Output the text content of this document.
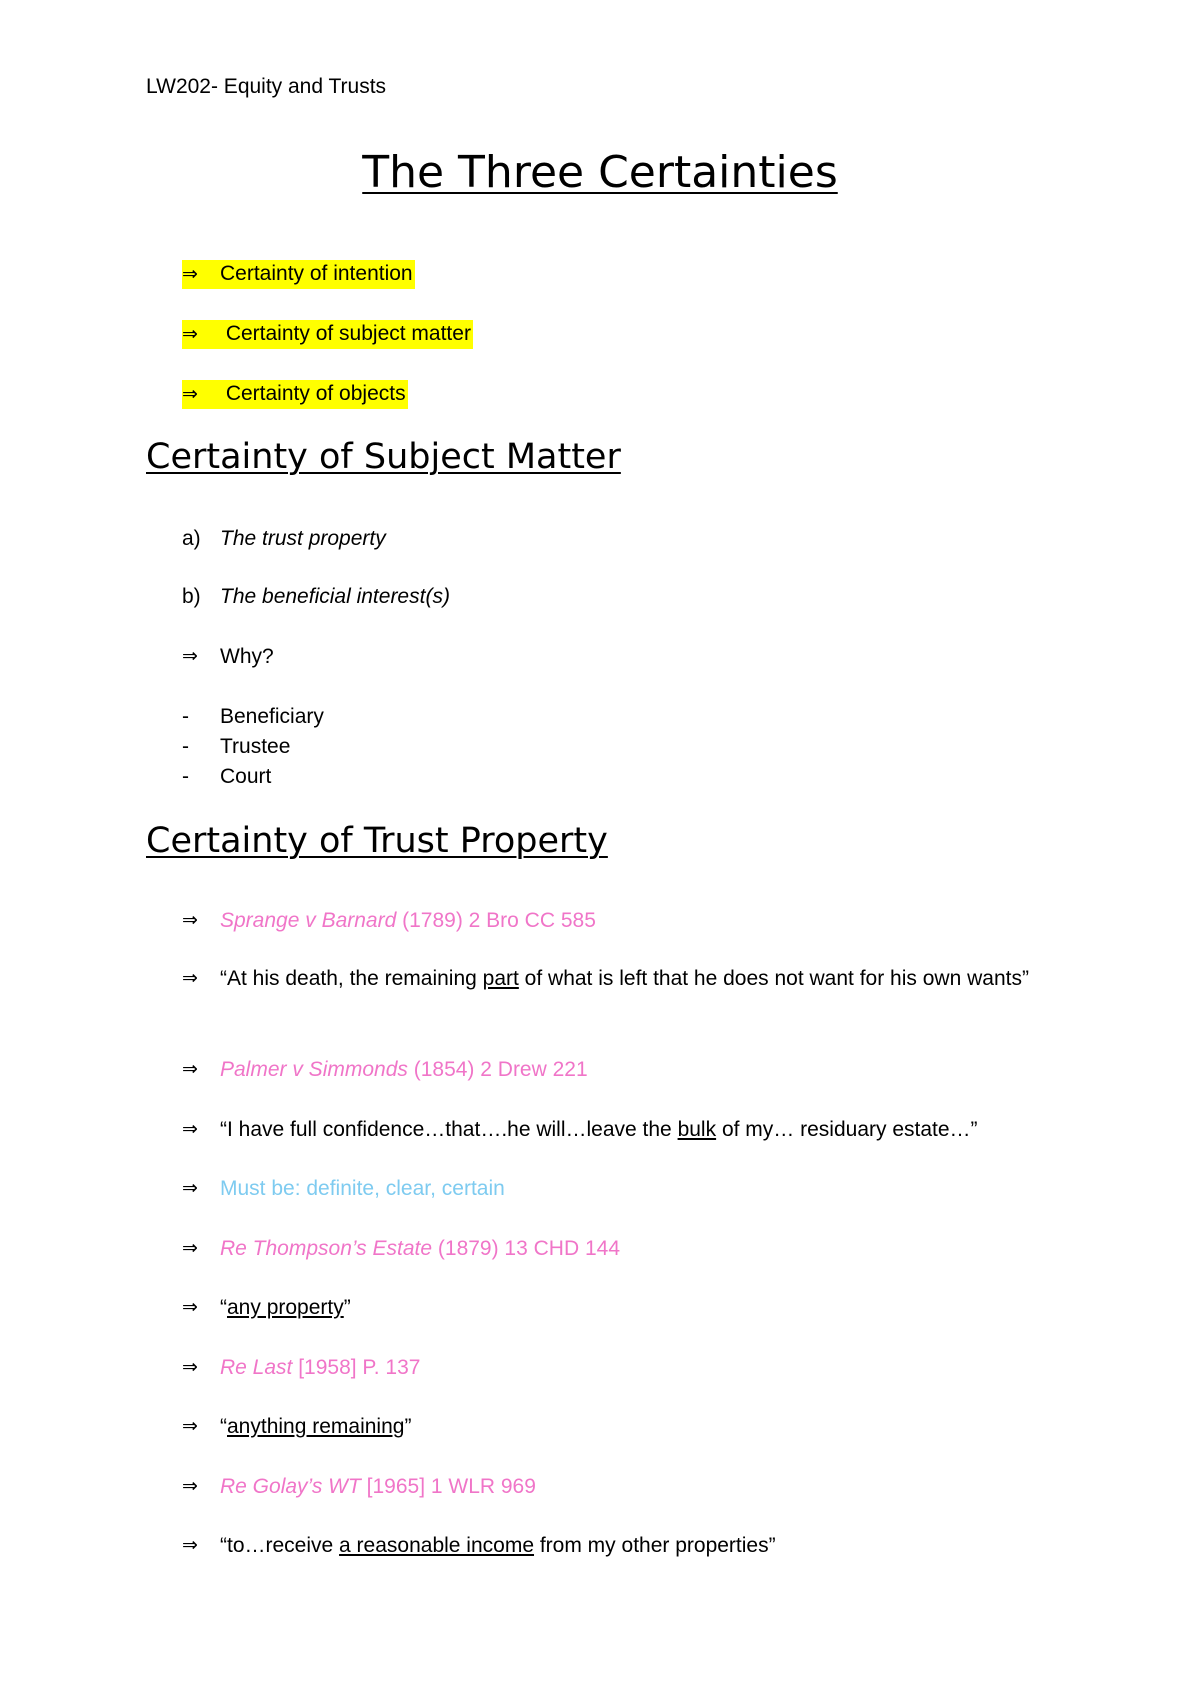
LW202- Equity and Trusts
The Three Certainties
⇒ Certainty of intention
⇒ Certainty of subject matter
⇒ Certainty of objects
Certainty of Subject Matter
a) The trust property
b) The beneficial interest(s)
⇒	Why?
-	Beneficiary
-	Trustee
-	Court
Certainty of Trust Property
⇒	Sprange v Barnard (1789) 2 Bro CC 585
⇒	“At his death, the remaining part of what is left that he does not want for his own wants”
⇒	Palmer v Simmonds (1854) 2 Drew 221
⇒	“I have full confidence…that….he will…leave the bulk of my… residuary estate…”
⇒	Must be: definite, clear, certain
⇒	Re Thompson’s Estate (1879) 13 CHD 144
⇒	“any property”
⇒	Re Last [1958] P. 137
⇒	“anything remaining”
⇒	Re Golay’s WT [1965] 1 WLR 969
⇒	“to…receive a reasonable income from my other properties”
